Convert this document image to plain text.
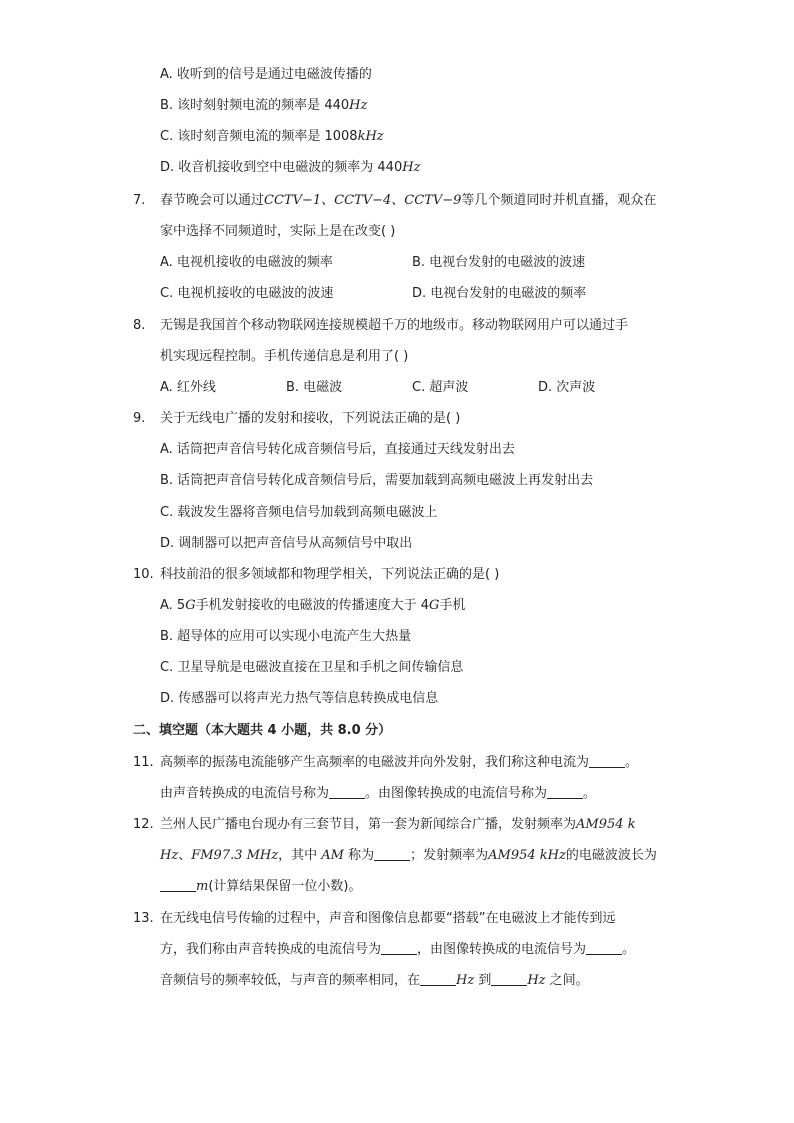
A. 收听到的信号是通过电磁波传播的
B. 该时刻射频电流的频率是 440Hz
C. 该时刻音频电流的频率是 1008kHz
D. 收音机接收到空中电磁波的频率为 440Hz
7. 春节晚会可以通过CCTV−1、CCTV−4、CCTV−9等几个频道同时并机直播，观众在
家中选择不同频道时，实际上是在改变( )
A. 电视机接收的电磁波的频率	B. 电视台发射的电磁波的波速
C. 电视机接收的电磁波的波速	D. 电视台发射的电磁波的频率
8. 无锡是我国首个移动物联网连接规模超千万的地级市。移动物联网用户可以通过手
机实现远程控制。手机传递信息是利用了( )
A. 红外线	B. 电磁波	C. 超声波	D. 次声波
9. 关于无线电广播的发射和接收，下列说法正确的是( )
A. 话筒把声音信号转化成音频信号后，直接通过天线发射出去
B. 话筒把声音信号转化成音频信号后，需要加载到高频电磁波上再发射出去
C. 载波发生器将音频电信号加载到高频电磁波上
D. 调制器可以把声音信号从高频信号中取出
10. 科技前沿的很多领域都和物理学相关，下列说法正确的是( )
A. 5G手机发射接收的电磁波的传播速度大于 4G手机
B. 超导体的应用可以实现小电流产生大热量
C. 卫星导航是电磁波直接在卫星和手机之间传输信息
D. 传感器可以将声光力热气等信息转换成电信息
二、填空题（本大题共 4 小题，共 8.0 分）
11. 高频率的振荡电流能够产生高频率的电磁波并向外发射，我们称这种电流为	。
由声音转换成的电流信号称为	。由图像转换成的电流信号称为	。
12. 兰州人民广播电台现办有三套节目，第一套为新闻综合广播，发射频率为AM954 k
Hz、FM97.3 MHz，其中 AM 称为	；发射频率为AM954 kHz的电磁波波长为
m(计算结果保留一位小数)。
13. 在无线电信号传输的过程中，声音和图像信息都要“搭载”在电磁波上才能传到远
方，我们称由声音转换成的电流信号为	，由图像转换成的电流信号为	。
音频信号的频率较低，与声音的频率相同，在	Hz 到	Hz 之间。
